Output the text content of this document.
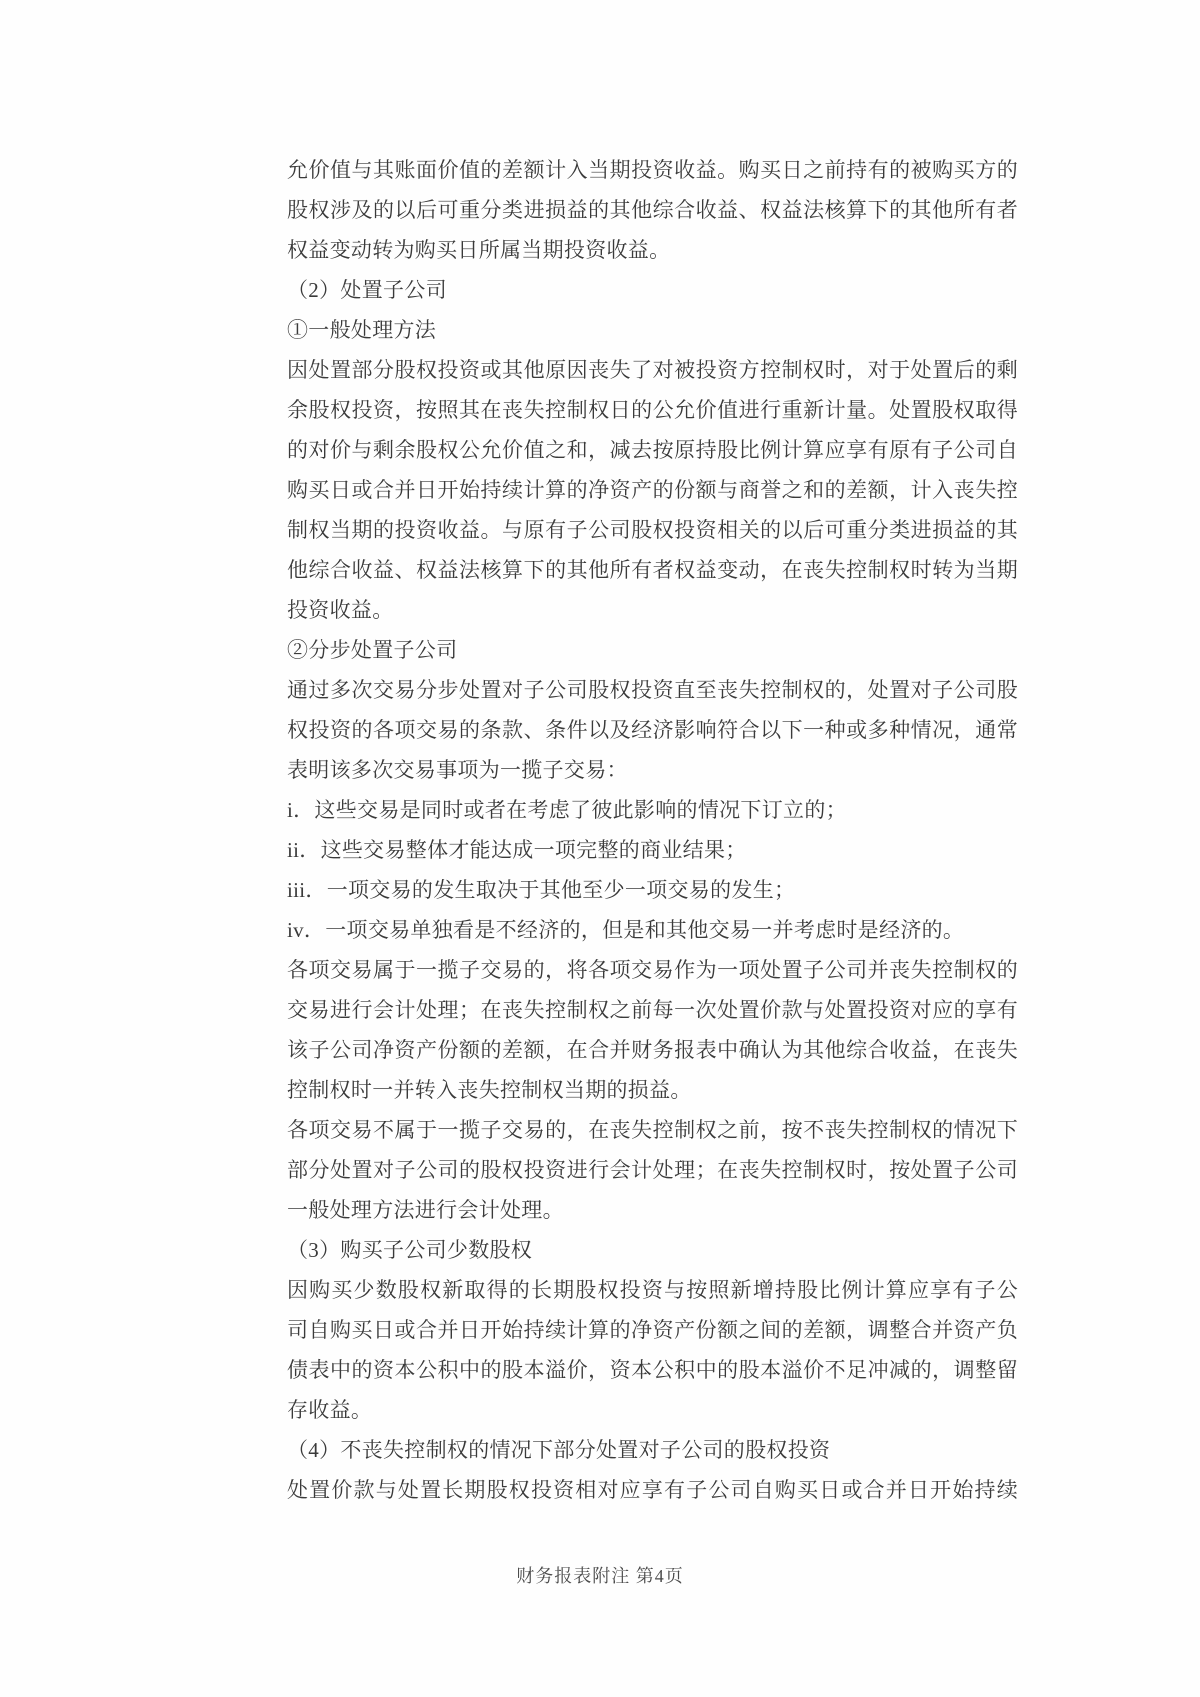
允价值与其账面价值的差额计入当期投资收益。购买日之前持有的被购买方的
股权涉及的以后可重分类进损益的其他综合收益、权益法核算下的其他所有者
权益变动转为购买日所属当期投资收益。
（2）处置子公司
①一般处理方法
因处置部分股权投资或其他原因丧失了对被投资方控制权时，对于处置后的剩
余股权投资，按照其在丧失控制权日的公允价值进行重新计量。处置股权取得
的对价与剩余股权公允价值之和，减去按原持股比例计算应享有原有子公司自
购买日或合并日开始持续计算的净资产的份额与商誉之和的差额，计入丧失控
制权当期的投资收益。与原有子公司股权投资相关的以后可重分类进损益的其
他综合收益、权益法核算下的其他所有者权益变动，在丧失控制权时转为当期
投资收益。
②分步处置子公司
通过多次交易分步处置对子公司股权投资直至丧失控制权的，处置对子公司股
权投资的各项交易的条款、条件以及经济影响符合以下一种或多种情况，通常
表明该多次交易事项为一揽子交易：
i．这些交易是同时或者在考虑了彼此影响的情况下订立的；
ii．这些交易整体才能达成一项完整的商业结果；
iii．一项交易的发生取决于其他至少一项交易的发生；
iv．一项交易单独看是不经济的，但是和其他交易一并考虑时是经济的。
各项交易属于一揽子交易的，将各项交易作为一项处置子公司并丧失控制权的
交易进行会计处理；在丧失控制权之前每一次处置价款与处置投资对应的享有
该子公司净资产份额的差额，在合并财务报表中确认为其他综合收益，在丧失
控制权时一并转入丧失控制权当期的损益。
各项交易不属于一揽子交易的，在丧失控制权之前，按不丧失控制权的情况下
部分处置对子公司的股权投资进行会计处理；在丧失控制权时，按处置子公司
一般处理方法进行会计处理。
（3）购买子公司少数股权
因购买少数股权新取得的长期股权投资与按照新增持股比例计算应享有子公
司自购买日或合并日开始持续计算的净资产份额之间的差额，调整合并资产负
债表中的资本公积中的股本溢价，资本公积中的股本溢价不足冲减的，调整留
存收益。
（4）不丧失控制权的情况下部分处置对子公司的股权投资
处置价款与处置长期股权投资相对应享有子公司自购买日或合并日开始持续
财务报表附注 第4页
